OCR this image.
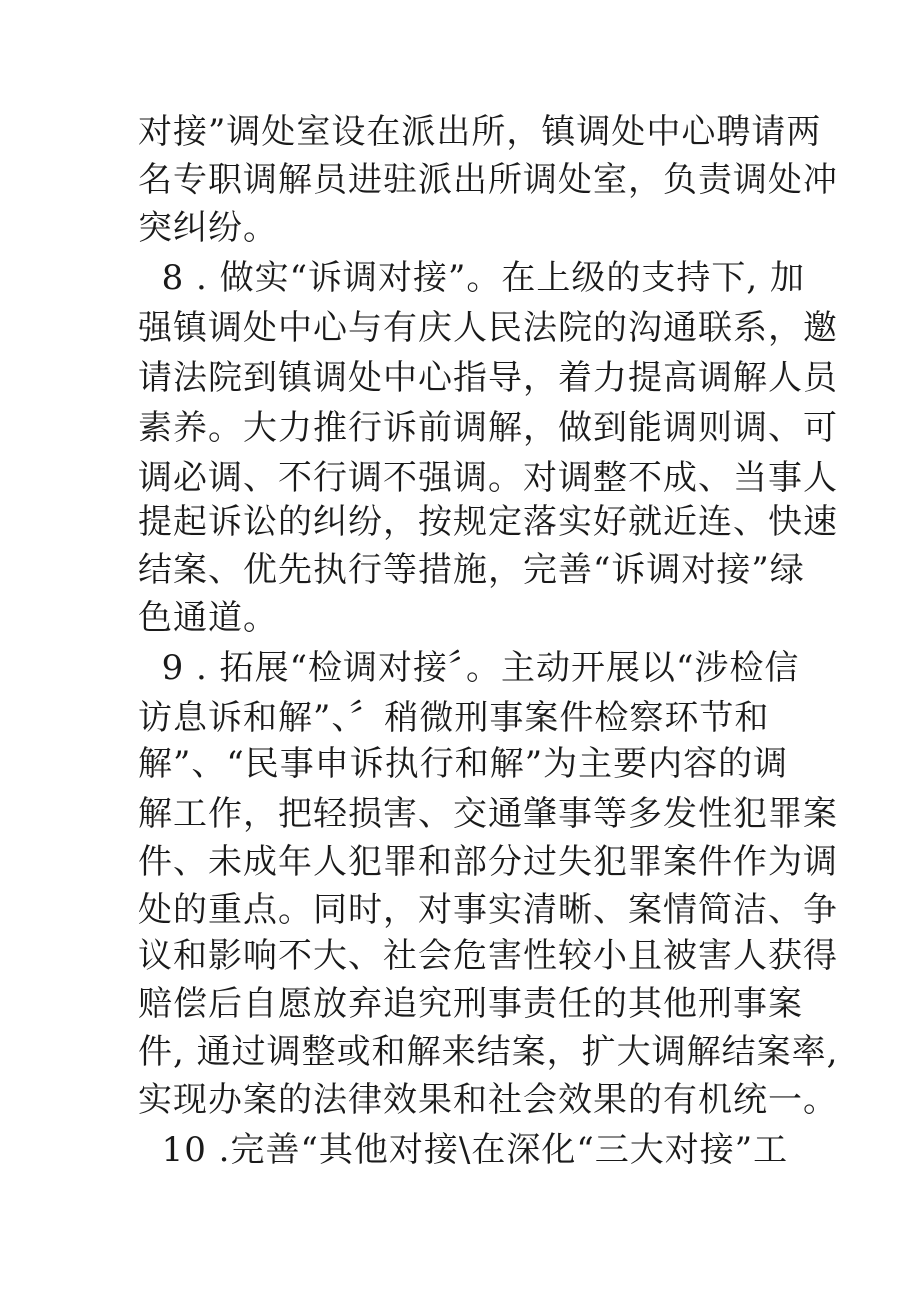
对接”调处室设在派出所，镇调处中心聘请两
名专职调解员进驻派出所调处室，负责调处冲
突纠纷。
8 . 做实“诉调对接”。在上级的支持下, 加
强镇调处中心与有庆人民法院的沟通联系，邀
请法院到镇调处中心指导，着力提高调解人员
素养。大力推行诉前调解，做到能调则调、可
调必调、不行调不强调。对调整不成、当事人
提起诉讼的纠纷，按规定落实好就近连、快速
结案、优先执行等措施，完善“诉调对接”绿
色通道。
9 . 拓展“检调对接〞。主动开展以“涉检信
访息诉和解”、〞稍微刑事案件检察环节和
解”、“民事申诉执行和解”为主要内容的调
解工作，把轻损害、交通肇事等多发性犯罪案
件、未成年人犯罪和部分过失犯罪案件作为调
处的重点。同时，对事实清晰、案情简洁、争
议和影响不大、社会危害性较小且被害人获得
赔偿后自愿放弃追究刑事责任的其他刑事案
件, 通过调整或和解来结案，扩大调解结案率,
实现办案的法律效果和社会效果的有机统一。
10 .完善“其他对接\在深化“三大对接”工
